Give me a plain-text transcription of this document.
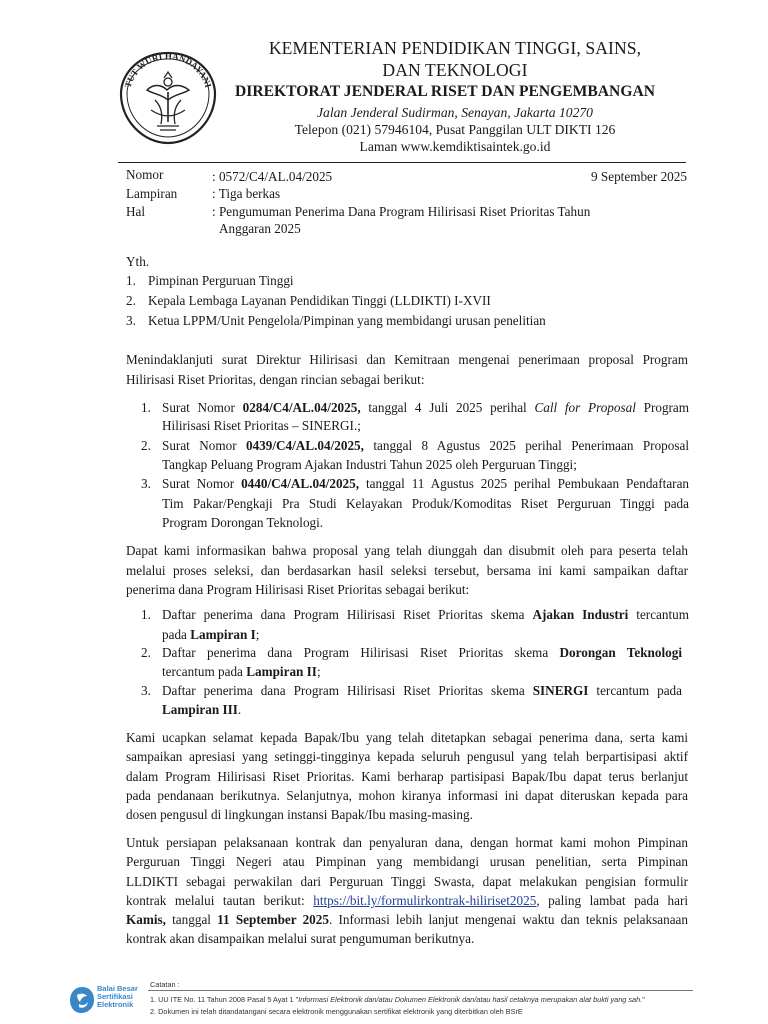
TUT WURI HANDAYANI
KEMENTERIAN PENDIDIKAN TINGGI, SAINS,
DAN TEKNOLOGI
DIREKTORAT JENDERAL RISET DAN PENGEMBANGAN
Jalan Jenderal Sudirman, Senayan, Jakarta 10270
Telepon (021) 57946104, Pusat Panggilan ULT DIKTI 126
Laman www.kemdiktisaintek.go.id
Nomor	: 0572/C4/AL.04/2025	9 September 2025
Lampiran	: Tiga berkas
Hal	: Pengumuman Penerima Dana Program Hilirisasi Riset Prioritas Tahun
Anggaran 2025
Yth.
1. Pimpinan Perguruan Tinggi
2. Kepala Lembaga Layanan Pendidikan Tinggi (LLDIKTI) I-XVII
3. Ketua LPPM/Unit Pengelola/Pimpinan yang membidangi urusan penelitian
Menindaklanjuti surat Direktur Hilirisasi dan Kemitraan mengenai penerimaan proposal Program
Hilirisasi Riset Prioritas, dengan rincian sebagai berikut:
1. Surat Nomor 0284/C4/AL.04/2025, tanggal 4 Juli 2025 perihal Call for Proposal Program
Hilirisasi Riset Prioritas – SINERGI.;
2. Surat Nomor 0439/C4/AL.04/2025, tanggal 8 Agustus 2025 perihal Penerimaan Proposal
Tangkap Peluang Program Ajakan Industri Tahun 2025 oleh Perguruan Tinggi;
3. Surat Nomor 0440/C4/AL.04/2025, tanggal 11 Agustus 2025 perihal Pembukaan Pendaftaran
Tim Pakar/Pengkaji Pra Studi Kelayakan Produk/Komoditas Riset Perguruan Tinggi pada
Program Dorongan Teknologi.
Dapat kami informasikan bahwa proposal yang telah diunggah dan disubmit oleh para peserta telah
melalui proses seleksi, dan berdasarkan hasil seleksi tersebut, bersama ini kami sampaikan daftar
penerima dana Program Hilirisasi Riset Prioritas sebagai berikut:
1. Daftar penerima dana Program Hilirisasi Riset Prioritas skema Ajakan Industri tercantum
pada Lampiran I;
2. Daftar penerima dana Program Hilirisasi Riset Prioritas skema Dorongan Teknologi
tercantum pada Lampiran II;
3. Daftar penerima dana Program Hilirisasi Riset Prioritas skema SINERGI tercantum pada
Lampiran III.
Kami ucapkan selamat kepada Bapak/Ibu yang telah ditetapkan sebagai penerima dana, serta kami
sampaikan apresiasi yang setinggi-tingginya kepada seluruh pengusul yang telah berpartisipasi aktif
dalam Program Hilirisasi Riset Prioritas. Kami berharap partisipasi Bapak/Ibu dapat terus berlanjut
pada pendanaan berikutnya. Selanjutnya, mohon kiranya informasi ini dapat diteruskan kepada para
dosen pengusul di lingkungan instansi Bapak/Ibu masing-masing.
Untuk persiapan pelaksanaan kontrak dan penyaluran dana, dengan hormat kami mohon Pimpinan
Perguruan Tinggi Negeri atau Pimpinan yang membidangi urusan penelitian, serta Pimpinan
LLDIKTI sebagai perwakilan dari Perguruan Tinggi Swasta, dapat melakukan pengisian formulir
kontrak melalui tautan berikut: https://bit.ly/formulirkontrak-hiliriset2025, paling lambat pada hari
Kamis, tanggal 11 September 2025. Informasi lebih lanjut mengenai waktu dan teknis pelaksanaan
kontrak akan disampaikan melalui surat pengumuman berikutnya.
Balai Besar
Sertifikasi
Elektronik
Catatan :
1. UU ITE No. 11 Tahun 2008 Pasal 5 Ayat 1 "Informasi Elektronik dan/atau Dokumen Elektronik dan/atau hasil cetaknya merupakan alat bukti yang sah."
2. Dokumen ini telah ditandatangani secara elektronik menggunakan sertifikat elektronik yang diterbitkan oleh BSrE
